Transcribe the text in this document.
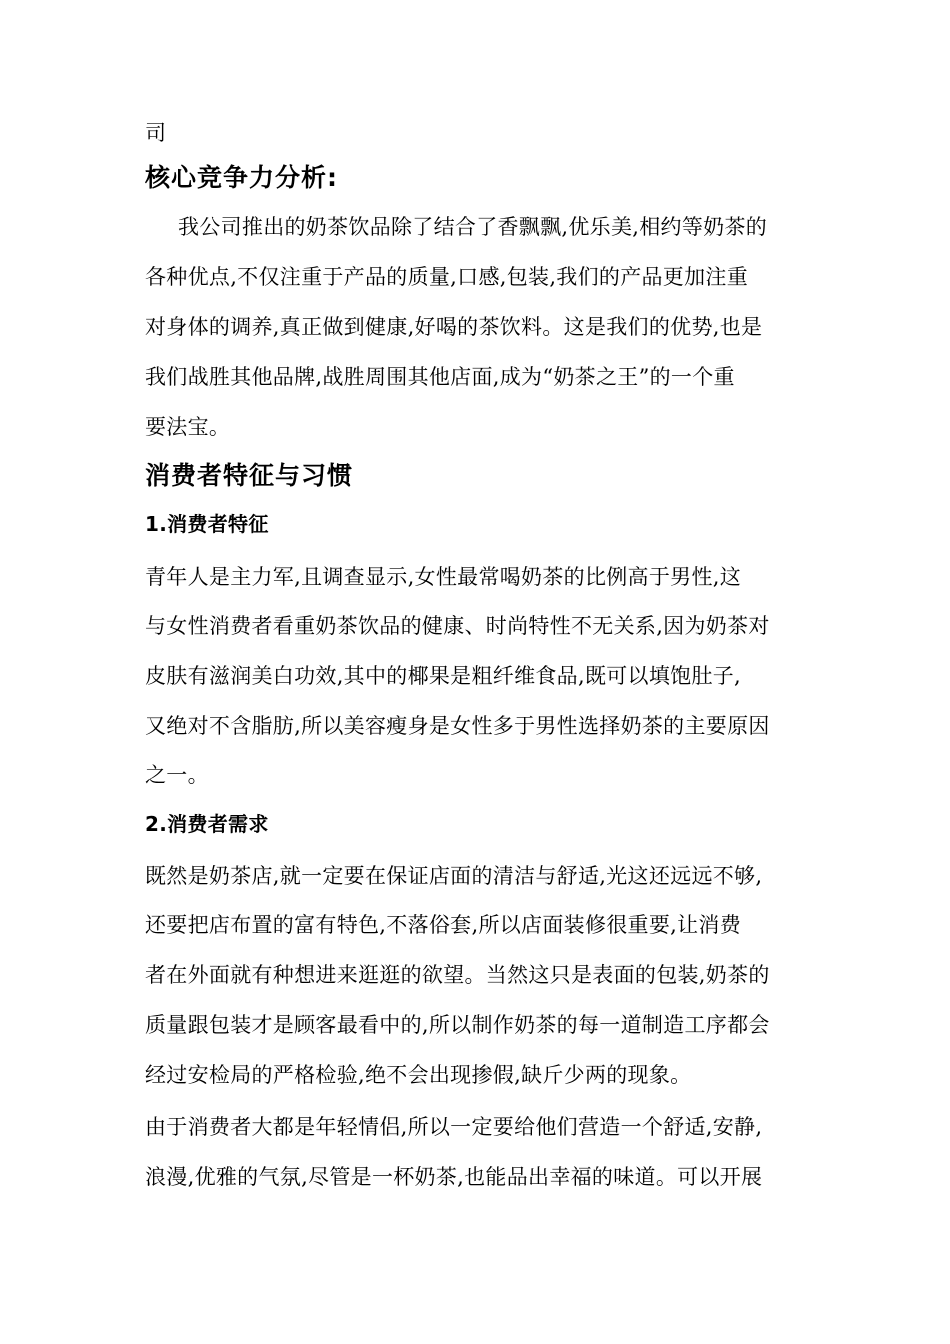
司
核心竞争力分析:
我公司推出的奶茶饮品除了结合了香飘飘,优乐美,相约等奶茶的
各种优点,不仅注重于产品的质量,口感,包装,我们的产品更加注重
对身体的调养,真正做到健康,好喝的茶饮料。这是我们的优势,也是
我们战胜其他品牌,战胜周围其他店面,成为“奶茶之王”的一个重
要法宝。
消费者特征与习惯
1.消费者特征
青年人是主力军,且调查显示,女性最常喝奶茶的比例高于男性,这
与女性消费者看重奶茶饮品的健康、时尚特性不无关系,因为奶茶对
皮肤有滋润美白功效,其中的椰果是粗纤维食品,既可以填饱肚子,
又绝对不含脂肪,所以美容瘦身是女性多于男性选择奶茶的主要原因
之一。
2.消费者需求
既然是奶茶店,就一定要在保证店面的清洁与舒适,光这还远远不够,
还要把店布置的富有特色,不落俗套,所以店面装修很重要,让消费
者在外面就有种想进来逛逛的欲望。当然这只是表面的包装,奶茶的
质量跟包装才是顾客最看中的,所以制作奶茶的每一道制造工序都会
经过安检局的严格检验,绝不会出现掺假,缺斤少两的现象。
由于消费者大都是年轻情侣,所以一定要给他们营造一个舒适,安静,
浪漫,优雅的气氛,尽管是一杯奶茶,也能品出幸福的味道。可以开展
